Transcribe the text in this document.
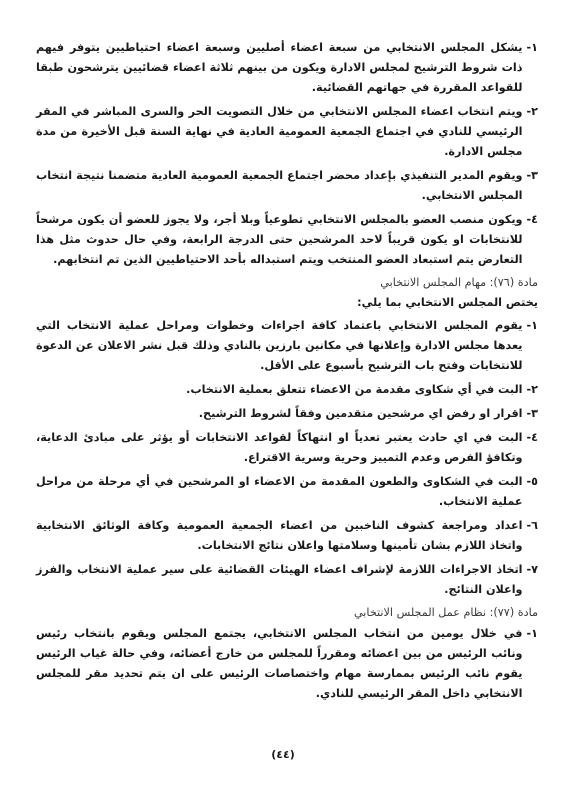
١-
يشكل المجلس الانتخابي من سبعة اعضاء أصليين وسبعة اعضاء احتياطيين يتوفر فيهم ذات شروط الترشيح لمجلس الادارة ويكون من بينهم ثلاثة اعضاء قضائيين يترشحون طبقا للقواعد المقررة في جهاتهم القضائية.
٢-
ويتم انتخاب اعضاء المجلس الانتخابي من خلال التصويت الحر والسرى المباشر في المقر الرئيسي للنادي في اجتماع الجمعية العمومية العادية في نهاية السنة قبل الأخيرة من مدة مجلس الادارة.
٣-
ويقوم المدير التنفيذي بإعداد محضر اجتماع الجمعية العمومية العادية متضمنا نتيجة انتخاب المجلس الانتخابي.
٤-
ويكون منصب العضو بالمجلس الانتخابي تطوعياً وبلا أجر، ولا يجوز للعضو أن يكون مرشحاً للانتخابات او يكون قريباً لاحد المرشحين حتى الدرجة الرابعة، وفي حال حدوث مثل هذا التعارض يتم استبعاد العضو المنتخب ويتم استبداله بأحد الاحتياطيين الذين تم انتخابهم.
مادة (٧٦): مهام المجلس الانتخابي
يختص المجلس الانتخابي بما يلي:
١-
يقوم المجلس الانتخابي باعتماد كافة اجراءات وخطوات ومراحل عملية الانتخاب التي يعدها مجلس الادارة وإعلانها في مكانين بارزين بالنادي وذلك قبل نشر الاعلان عن الدعوة للانتخابات وفتح باب الترشيح بأسبوع على الأقل.
٢-
البت في أي شكاوى مقدمة من الاعضاء تتعلق بعملية الانتخاب.
٣-
اقرار او رفض اي مرشحين متقدمين وفقاً لشروط الترشيح.
٤-
البت في اي حادث يعتبر تعدياً او انتهاكاً لقواعد الانتخابات أو يؤثر على مبادئ الدعاية، وتكافؤ الفرص وعدم التمييز وحرية وسرية الاقتراع.
٥-
البت في الشكاوى والطعون المقدمة من الاعضاء او المرشحين في أي مرحلة من مراحل عملية الانتخاب.
٦-
اعداد ومراجعة كشوف الناخبين من اعضاء الجمعية العمومية وكافة الوثائق الانتخابية واتخاذ اللازم بشان تأمينها وسلامتها واعلان نتائج الانتخابات.
٧-
اتخاذ الاجراءات اللازمة لإشراف اعضاء الهيئات القضائية على سير عملية الانتخاب والفرز واعلان النتائج.
مادة (٧٧): نظام عمل المجلس الانتخابي
١-
في خلال يومين من انتخاب المجلس الانتخابي، يجتمع المجلس ويقوم بانتخاب رئيس ونائب الرئيس من بين اعضائه ومقرراً للمجلس من خارج أعضائه، وفي حالة غياب الرئيس يقوم نائب الرئيس بممارسة مهام واختصاصات الرئيس على ان يتم تحديد مقر للمجلس الانتخابي داخل المقر الرئيسي للنادي.
(٤٤)
